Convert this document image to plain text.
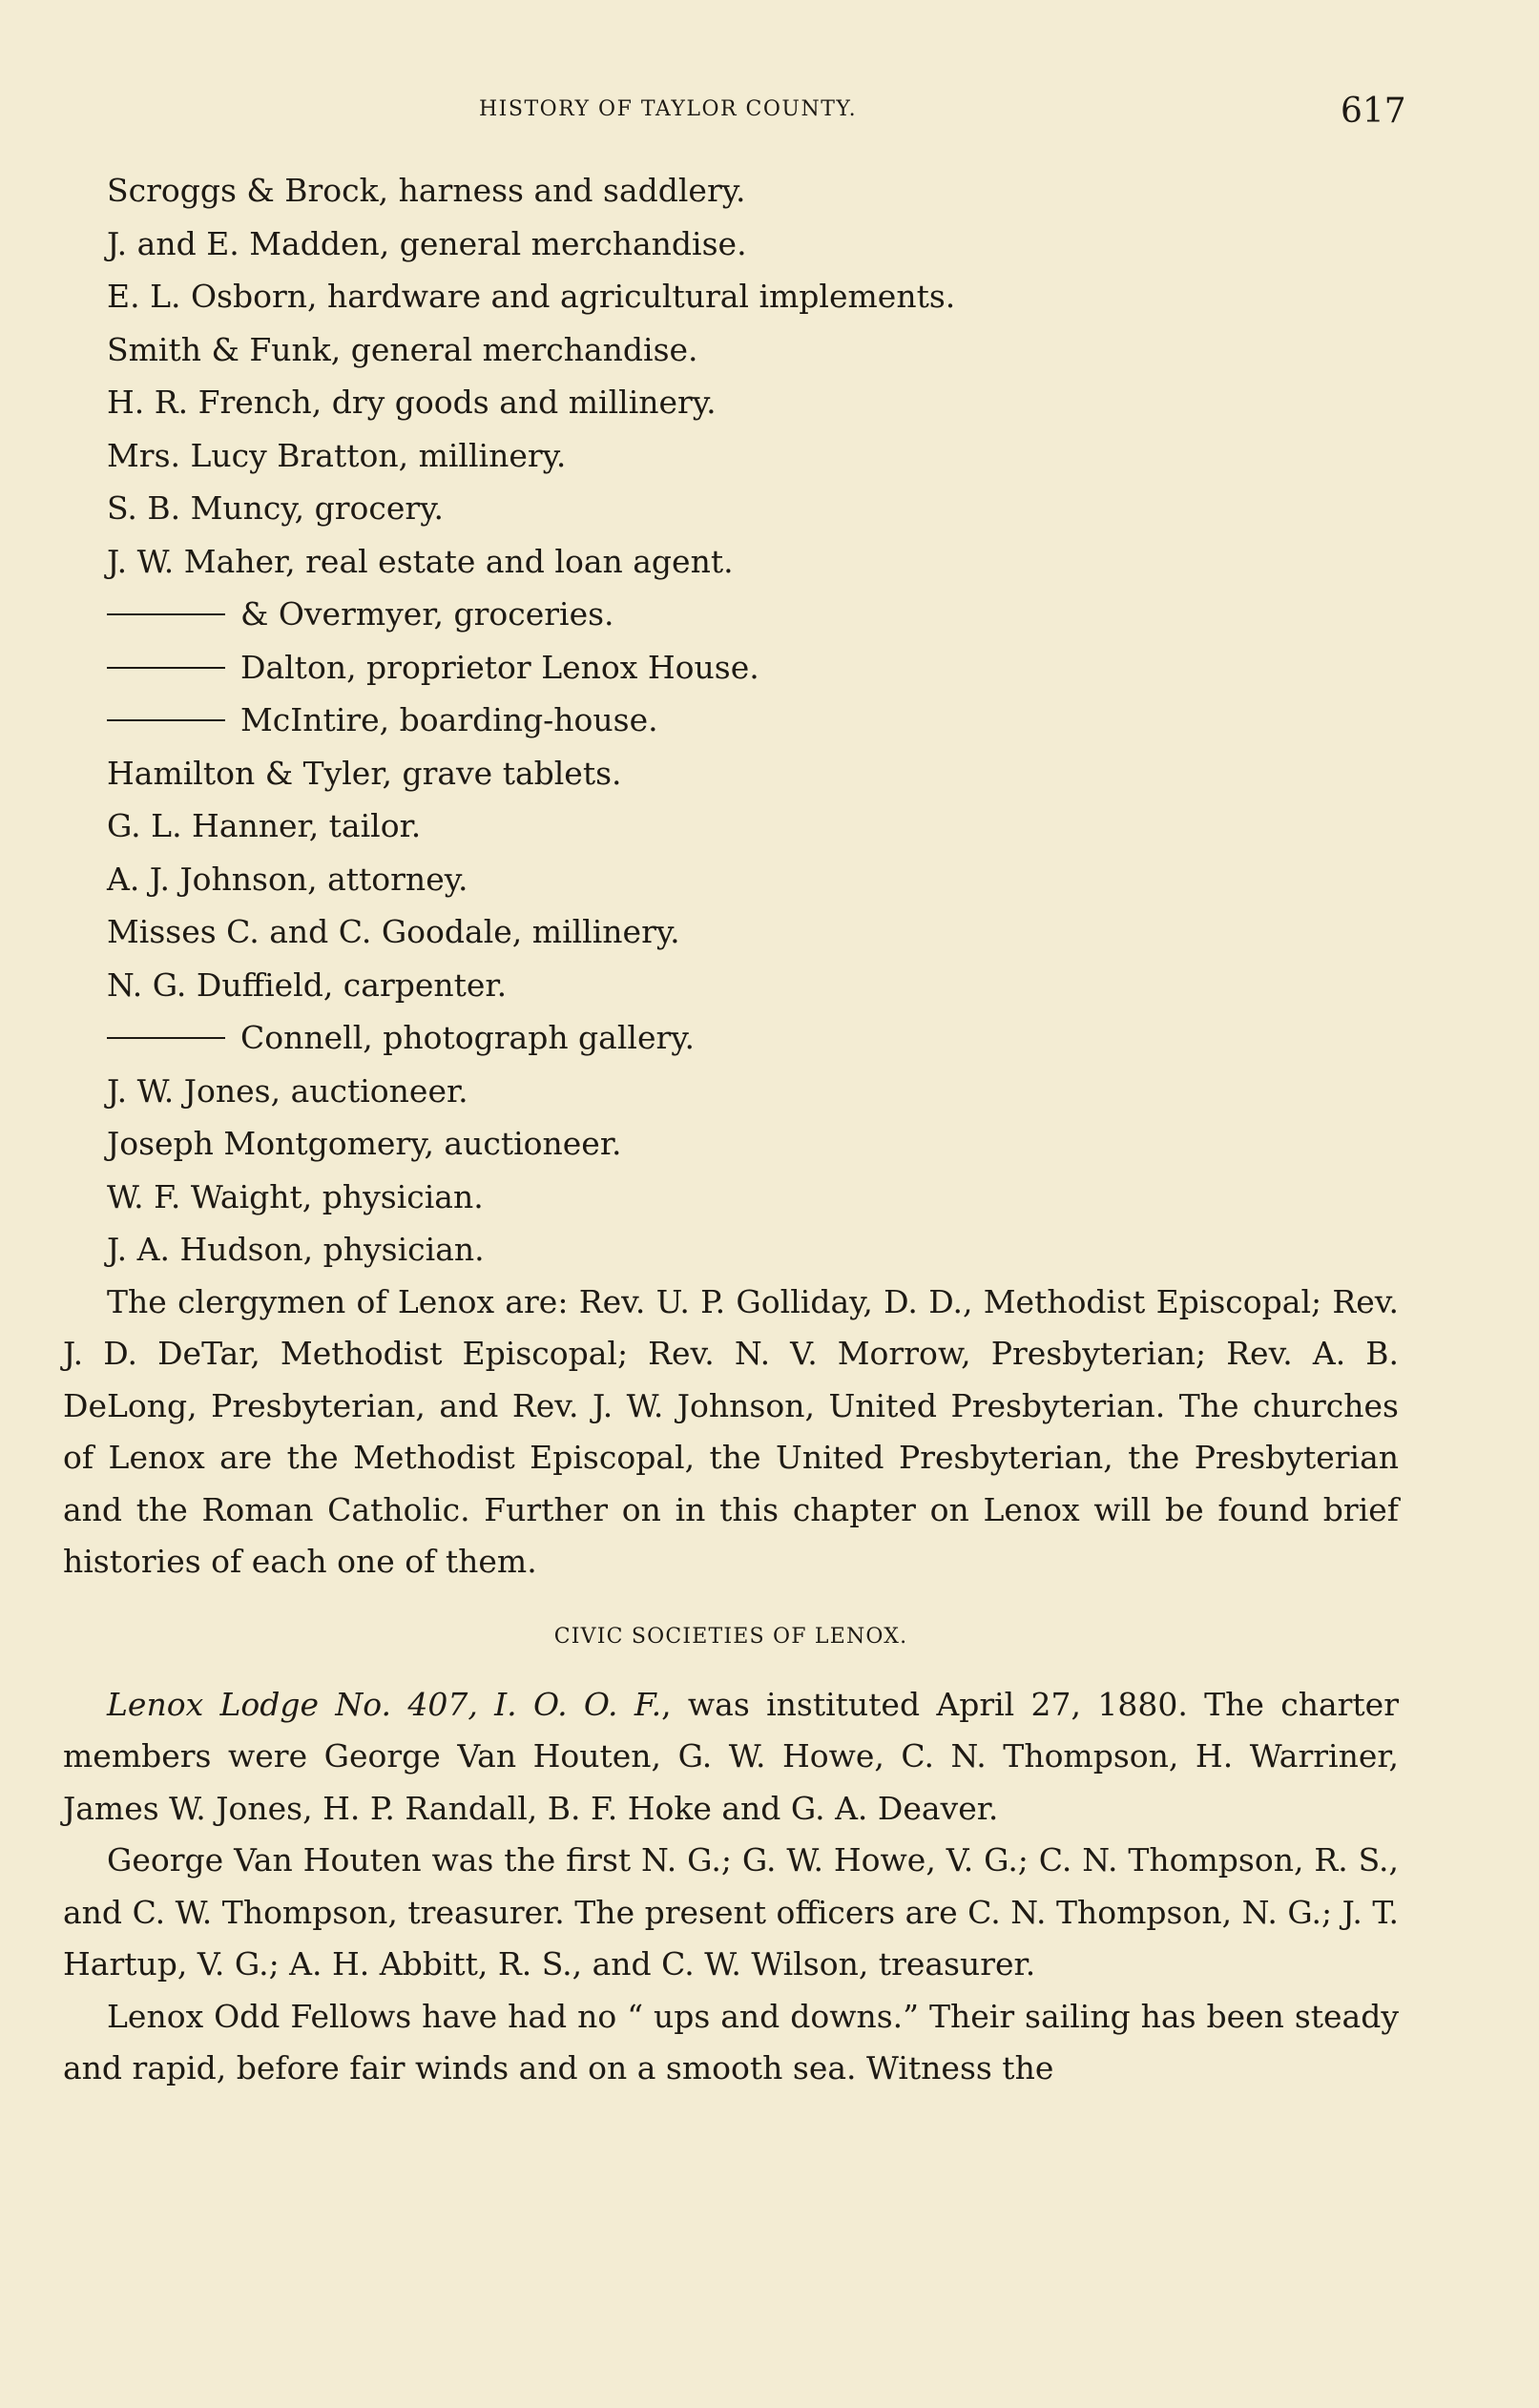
HISTORY OF TAYLOR COUNTY.	617
Scroggs & Brock, harness and saddlery.
J. and E. Madden, general merchandise.
E. L. Osborn, hardware and agricultural implements.
Smith & Funk, general merchandise.
H. R. French, dry goods and millinery.
Mrs. Lucy Bratton, millinery.
S. B. Muncy, grocery.
J. W. Maher, real estate and loan agent.
& Overmyer, groceries.
Dalton, proprietor Lenox House.
McIntire, boarding-house.
Hamilton & Tyler, grave tablets.
G. L. Hanner, tailor.
A. J. Johnson, attorney.
Misses C. and C. Goodale, millinery.
N. G. Duffield, carpenter.
Connell, photograph gallery.
J. W. Jones, auctioneer.
Joseph Montgomery, auctioneer.
W. F. Waight, physician.
J. A. Hudson, physician.

The clergymen of Lenox are: Rev. U. P. Golliday, D. D., Methodist Episcopal; Rev. J. D. DeTar, Methodist Episcopal; Rev. N. V. Morrow, Presbyterian; Rev. A. B. DeLong, Presbyterian, and Rev. J. W. Johnson, United Presbyterian. The churches of Lenox are the Methodist Episcopal, the United Presbyterian, the Presbyterian and the Roman Catholic. Further on in this chapter on Lenox will be found brief histories of each one of them.

CIVIC SOCIETIES OF LENOX.

Lenox Lodge No. 407, I. O. O. F., was instituted April 27, 1880. The charter members were George Van Houten, G. W. Howe, C. N. Thompson, H. Warriner, James W. Jones, H. P. Randall, B. F. Hoke and G. A. Deaver.

George Van Houten was the first N. G.; G. W. Howe, V. G.; C. N. Thompson, R. S., and C. W. Thompson, treasurer. The present officers are C. N. Thompson, N. G.; J. T. Hartup, V. G.; A. H. Abbitt, R. S., and C. W. Wilson, treasurer.

Lenox Odd Fellows have had no “ ups and downs.” Their sailing has been steady and rapid, before fair winds and on a smooth sea. Witness the
